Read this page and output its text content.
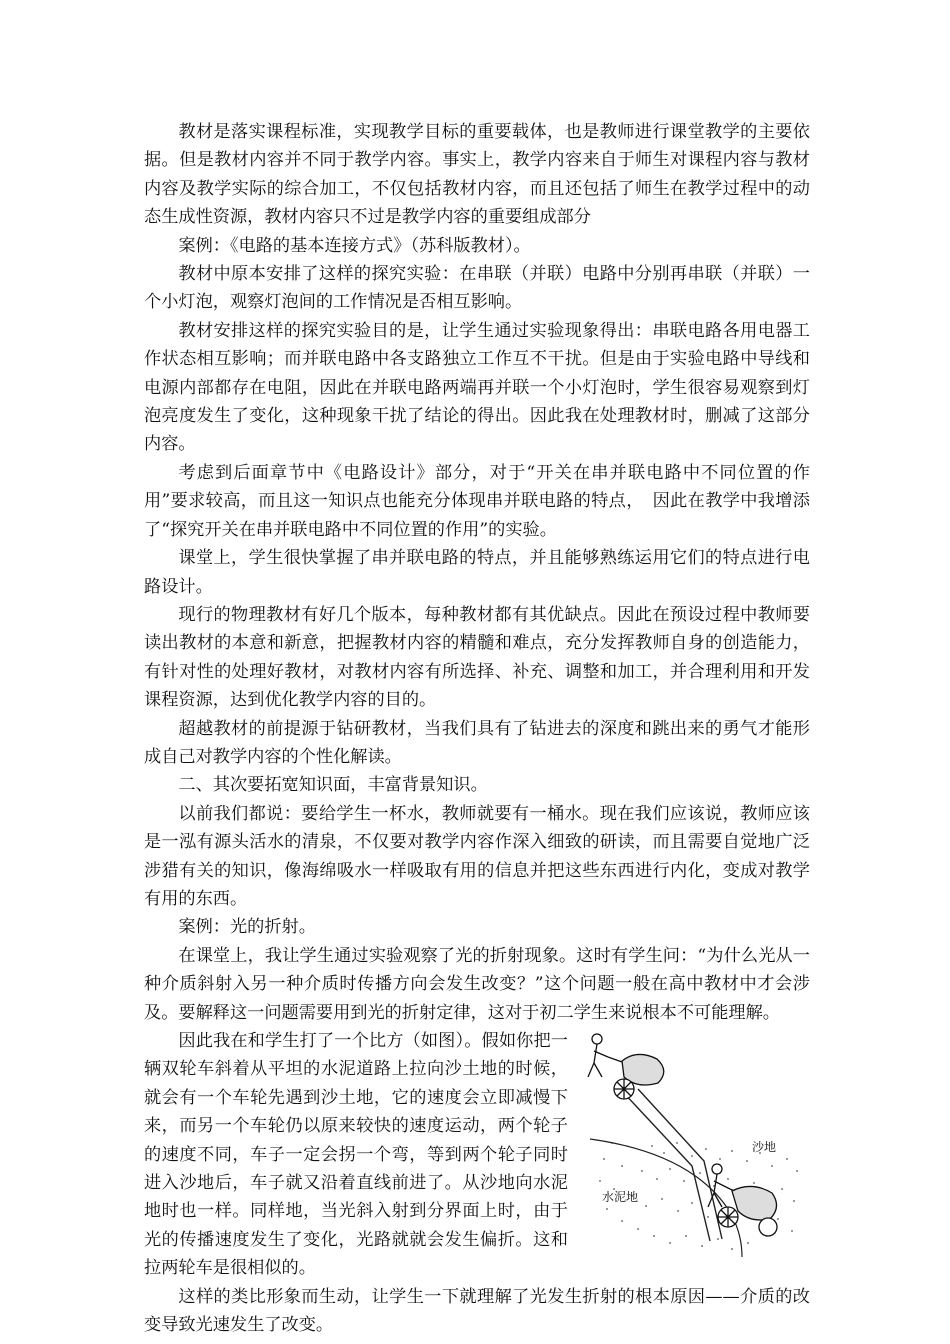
教材是落实课程标准，实现教学目标的重要载体，也是教师进行课堂教学的主要依据。但是教材内容并不同于教学内容。事实上，教学内容来自于师生对课程内容与教材内容及教学实际的综合加工，不仅包括教材内容，而且还包括了师生在教学过程中的动态生成性资源，教材内容只不过是教学内容的重要组成部分

案例：《电路的基本连接方式》（苏科版教材）。

教材中原本安排了这样的探究实验：在串联（并联）电路中分别再串联（并联）一个小灯泡，观察灯泡间的工作情况是否相互影响。

教材安排这样的探究实验目的是，让学生通过实验现象得出：串联电路各用电器工作状态相互影响；而并联电路中各支路独立工作互不干扰。但是由于实验电路中导线和电源内部都存在电阻，因此在并联电路两端再并联一个小灯泡时，学生很容易观察到灯泡亮度发生了变化，这种现象干扰了结论的得出。因此我在处理教材时，删减了这部分内容。

考虑到后面章节中《电路设计》部分，对于“开关在串并联电路中不同位置的作用”要求较高，而且这一知识点也能充分体现串并联电路的特点，　因此在教学中我增添了“探究开关在串并联电路中不同位置的作用”的实验。

课堂上，学生很快掌握了串并联电路的特点，并且能够熟练运用它们的特点进行电路设计。

现行的物理教材有好几个版本，每种教材都有其优缺点。因此在预设过程中教师要读出教材的本意和新意，把握教材内容的精髓和难点，充分发挥教师自身的创造能力，有针对性的处理好教材，对教材内容有所选择、补充、调整和加工，并合理利用和开发课程资源，达到优化教学内容的目的。

超越教材的前提源于钻研教材，当我们具有了钻进去的深度和跳出来的勇气才能形成自己对教学内容的个性化解读。

二、其次要拓宽知识面，丰富背景知识。

以前我们都说：要给学生一杯水，教师就要有一桶水。现在我们应该说，教师应该是一泓有源头活水的清泉，不仅要对教学内容作深入细致的研读，而且需要自觉地广泛涉猎有关的知识，像海绵吸水一样吸取有用的信息并把这些东西进行内化，变成对教学有用的东西。

案例：光的折射。

在课堂上，我让学生通过实验观察了光的折射现象。这时有学生问：“为什么光从一种介质斜射入另一种介质时传播方向会发生改变？”这个问题一般在高中教材中才会涉及。要解释这一问题需要用到光的折射定律，这对于初二学生来说根本不可能理解。

沙地
水泥地

因此我在和学生打了一个比方（如图）。假如你把一辆双轮车斜着从平坦的水泥道路上拉向沙土地的时候，就会有一个车轮先遇到沙土地，它的速度会立即减慢下来，而另一个车轮仍以原来较快的速度运动，两个轮子的速度不同，车子一定会拐一个弯，等到两个轮子同时进入沙地后，车子就又沿着直线前进了。从沙地向水泥地时也一样。同样地，当光斜入射到分界面上时，由于光的传播速度发生了变化，光路就就会发生偏折。这和拉两轮车是很相似的。

这样的类比形象而生动，让学生一下就理解了光发生折射的根本原因——介质的改变导致光速发生了改变。
